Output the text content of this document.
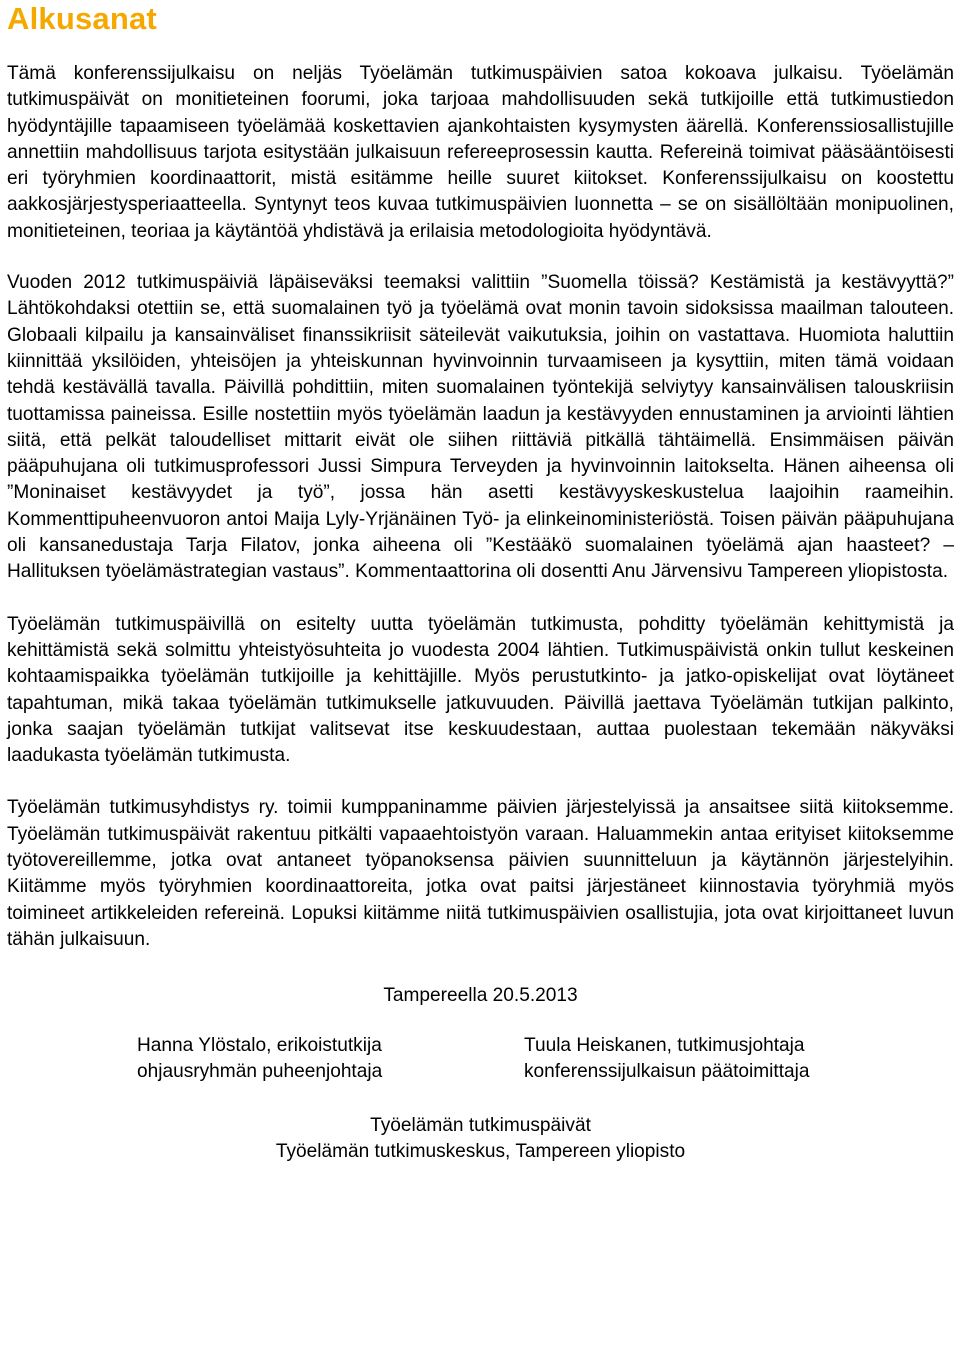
Alkusanat

Tämä konferenssijulkaisu on neljäs Työelämän tutkimuspäivien satoa kokoava julkaisu. Työelämän tutkimuspäivät on monitieteinen foorumi, joka tarjoaa mahdollisuuden sekä tutkijoille että tutkimustiedon hyödyntäjille tapaamiseen työelämää koskettavien ajankohtaisten kysymysten äärellä. Konferenssiosallistujille annettiin mahdollisuus tarjota esitystään julkaisuun refereeprosessin kautta. Refereinä toimivat pääsääntöisesti eri työryhmien koordinaattorit, mistä esitämme heille suuret kiitokset. Konferenssijulkaisu on koostettu aakkosjärjestysperiaatteella. Syntynyt teos kuvaa tutkimuspäivien luonnetta – se on sisällöltään monipuolinen, monitieteinen, teoriaa ja käytäntöä yhdistävä ja erilaisia metodologioita hyödyntävä.

Vuoden 2012 tutkimuspäiviä läpäiseväksi teemaksi valittiin ”Suomella töissä? Kestämistä ja kestävyyttä?” Lähtökohdaksi otettiin se, että suomalainen työ ja työelämä ovat monin tavoin sidoksissa maailman talouteen. Globaali kilpailu ja kansainväliset finanssikriisit säteilevät vaikutuksia, joihin on vastattava. Huomiota haluttiin kiinnittää yksilöiden, yhteisöjen ja yhteiskunnan hyvinvoinnin turvaamiseen ja kysyttiin, miten tämä voidaan tehdä kestävällä tavalla. Päivillä pohdittiin, miten suomalainen työntekijä selviytyy kansainvälisen talouskriisin tuottamissa paineissa. Esille nostettiin myös työelämän laadun ja kestävyyden ennustaminen ja arviointi lähtien siitä, että pelkät taloudelliset mittarit eivät ole siihen riittäviä pitkällä tähtäimellä. Ensimmäisen päivän pääpuhujana oli tutkimusprofessori Jussi Simpura Terveyden ja hyvinvoinnin laitokselta. Hänen aiheensa oli ”Moninaiset kestävyydet ja työ”, jossa hän asetti kestävyyskeskustelua laajoihin raameihin. Kommenttipuheenvuoron antoi Maija Lyly-Yrjänäinen Työ- ja elinkeinoministeriöstä. Toisen päivän pääpuhujana oli kansanedustaja Tarja Filatov, jonka aiheena oli ”Kestääkö suomalainen työelämä ajan haasteet? – Hallituksen työelämästrategian vastaus”. Kommentaattorina oli dosentti Anu Järvensivu Tampereen yliopistosta.

Työelämän tutkimuspäivillä on esitelty uutta työelämän tutkimusta, pohditty työelämän kehittymistä ja kehittämistä sekä solmittu yhteistyösuhteita jo vuodesta 2004 lähtien. Tutkimuspäivistä onkin tullut keskeinen kohtaamispaikka työelämän tutkijoille ja kehittäjille. Myös perustutkinto- ja jatko-opiskelijat ovat löytäneet tapahtuman, mikä takaa työelämän tutkimukselle jatkuvuuden. Päivillä jaettava Työelämän tutkijan palkinto, jonka saajan työelämän tutkijat valitsevat itse keskuudestaan, auttaa puolestaan tekemään näkyväksi laadukasta työelämän tutkimusta.

Työelämän tutkimusyhdistys ry. toimii kumppaninamme päivien järjestelyissä ja ansaitsee siitä kiitoksemme. Työelämän tutkimuspäivät rakentuu pitkälti vapaaehtoistyön varaan. Haluammekin antaa erityiset kiitoksemme työtovereillemme, jotka ovat antaneet työpanoksensa päivien suunnitteluun ja käytännön järjestelyihin. Kiitämme myös työryhmien koordinaattoreita, jotka ovat paitsi järjestäneet kiinnostavia työryhmiä myös toimineet artikkeleiden refereinä. Lopuksi kiitämme niitä tutkimuspäivien osallistujia, jota ovat kirjoittaneet luvun tähän julkaisuun.

Tampereella 20.5.2013

Hanna Ylöstalo, erikoistutkija
ohjausryhmän puheenjohtaja
Tuula Heiskanen, tutkimusjohtaja
konferenssijulkaisun päätoimittaja

Työelämän tutkimuspäivät

Työelämän tutkimuskeskus, Tampereen yliopisto
